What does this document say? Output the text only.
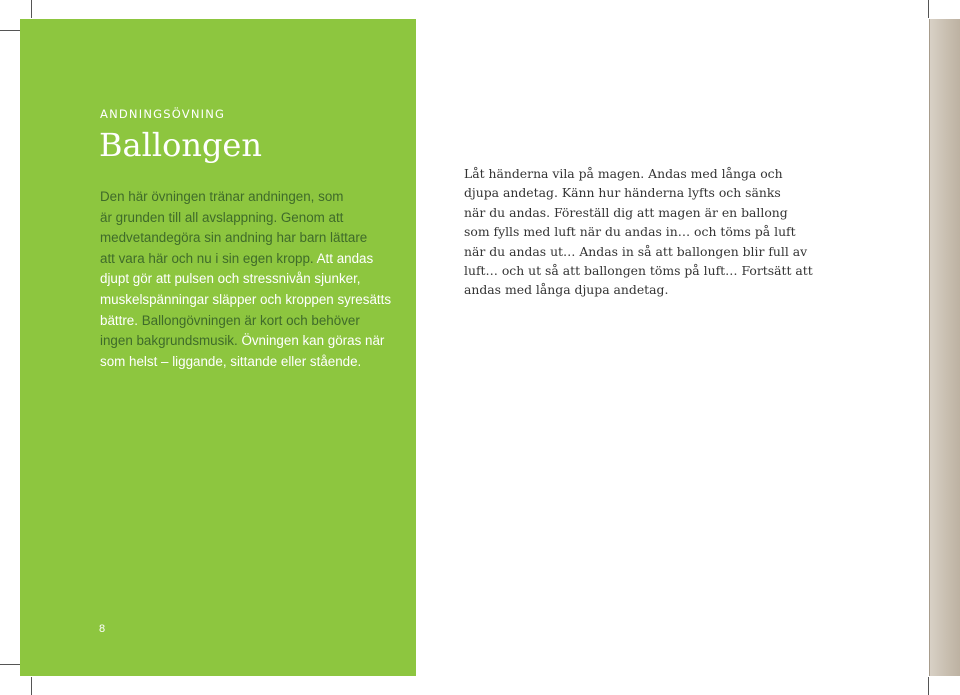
ANDNINGSÖVNING

Ballongen

Den här övningen tränar andningen, som
är grunden till all avslappning. Genom att
medvetandegöra sin andning har barn lättare
att vara här och nu i sin egen kropp. Att andas
djupt gör att pulsen och stressnivån sjunker,
muskelspänningar släpper och kroppen syresätts
bättre. Ballongövningen är kort och behöver
ingen bakgrundsmusik. Övningen kan göras när
som helst – liggande, sittande eller stående.

8

Låt händerna vila på magen. Andas med långa och
djupa andetag. Känn hur händerna lyfts och sänks
när du andas. Föreställ dig att magen är en ballong
som fylls med luft när du andas in… och töms på luft
när du andas ut… Andas in så att ballongen blir full av
luft… och ut så att ballongen töms på luft… Fortsätt att
andas med långa djupa andetag.
